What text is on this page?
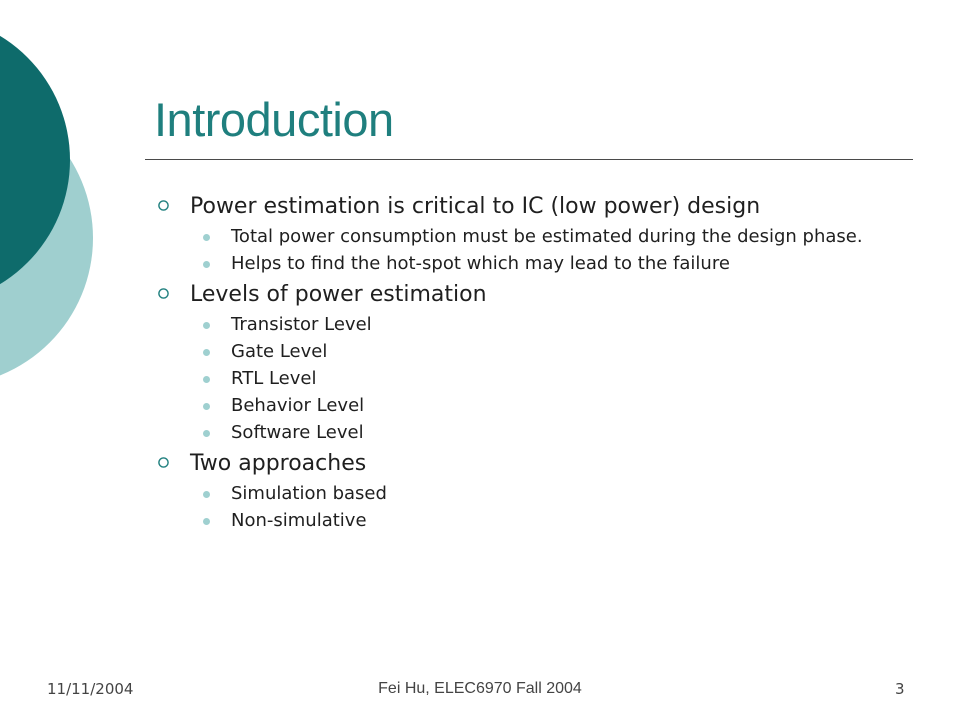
Introduction
Power estimation is critical to IC (low power) design
Total power consumption must be estimated during the design phase.
Helps to find the hot-spot which may lead to the failure
Levels of power estimation
Transistor Level
Gate Level
RTL Level
Behavior Level
Software Level
Two approaches
Simulation based
Non-simulative
11/11/2004	Fei Hu, ELEC6970 Fall 2004	3
